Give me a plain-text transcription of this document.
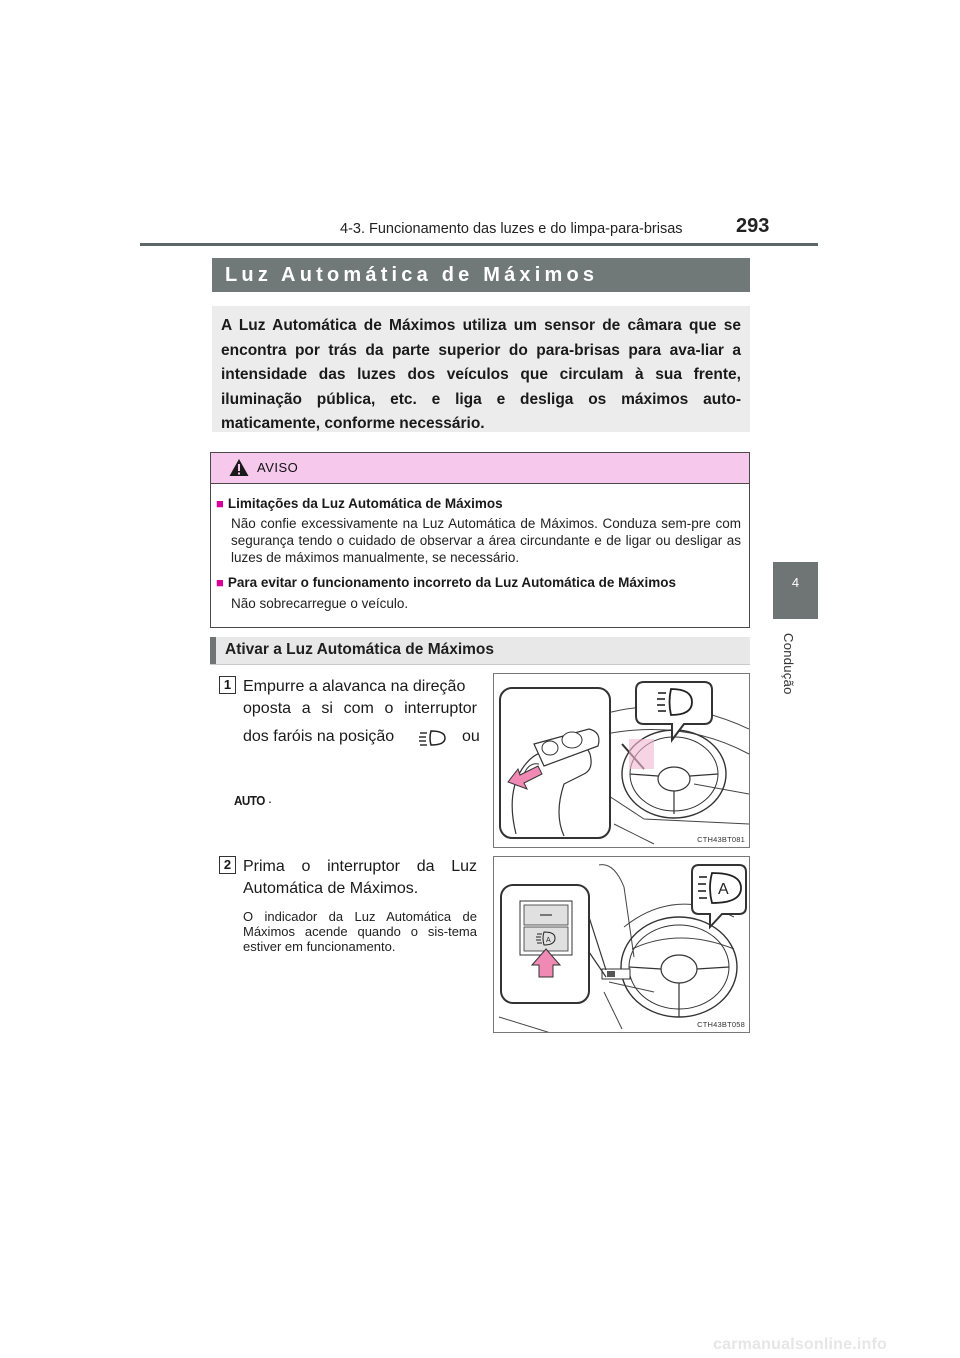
4-3. Funcionamento das luzes e do limpa-para-brisas	293
4
Condução
Luz Automática de Máximos
A Luz Automática de Máximos utiliza um sensor de câmara que se encontra por trás da parte superior do para-brisas para ava-liar a intensidade das luzes dos veículos que circulam à sua frente, iluminação pública, etc. e liga e desliga os máximos auto-maticamente, conforme necessário.
AVISO
■ Limitações da Luz Automática de Máximos
Não confie excessivamente na Luz Automática de Máximos. Conduza sem-pre com segurança tendo o cuidado de observar a área circundante e de ligar ou desligar as luzes de máximos manualmente, se necessário.
■ Para evitar o funcionamento incorreto da Luz Automática de Máximos
Não sobrecarregue o veículo.
Ativar a Luz Automática de Máximos
1 Empurre a alavanca na direção
oposta a si com o interruptor
dos faróis na posição	ou
AUTO .
CTH43BT081
2 Prima o interruptor da Luz
Automática de Máximos.
O indicador da Luz Automática de Máximos acende quando o sis-tema estiver em funcionamento.
A
A
CTH43BT058
carmanualsonline.info
